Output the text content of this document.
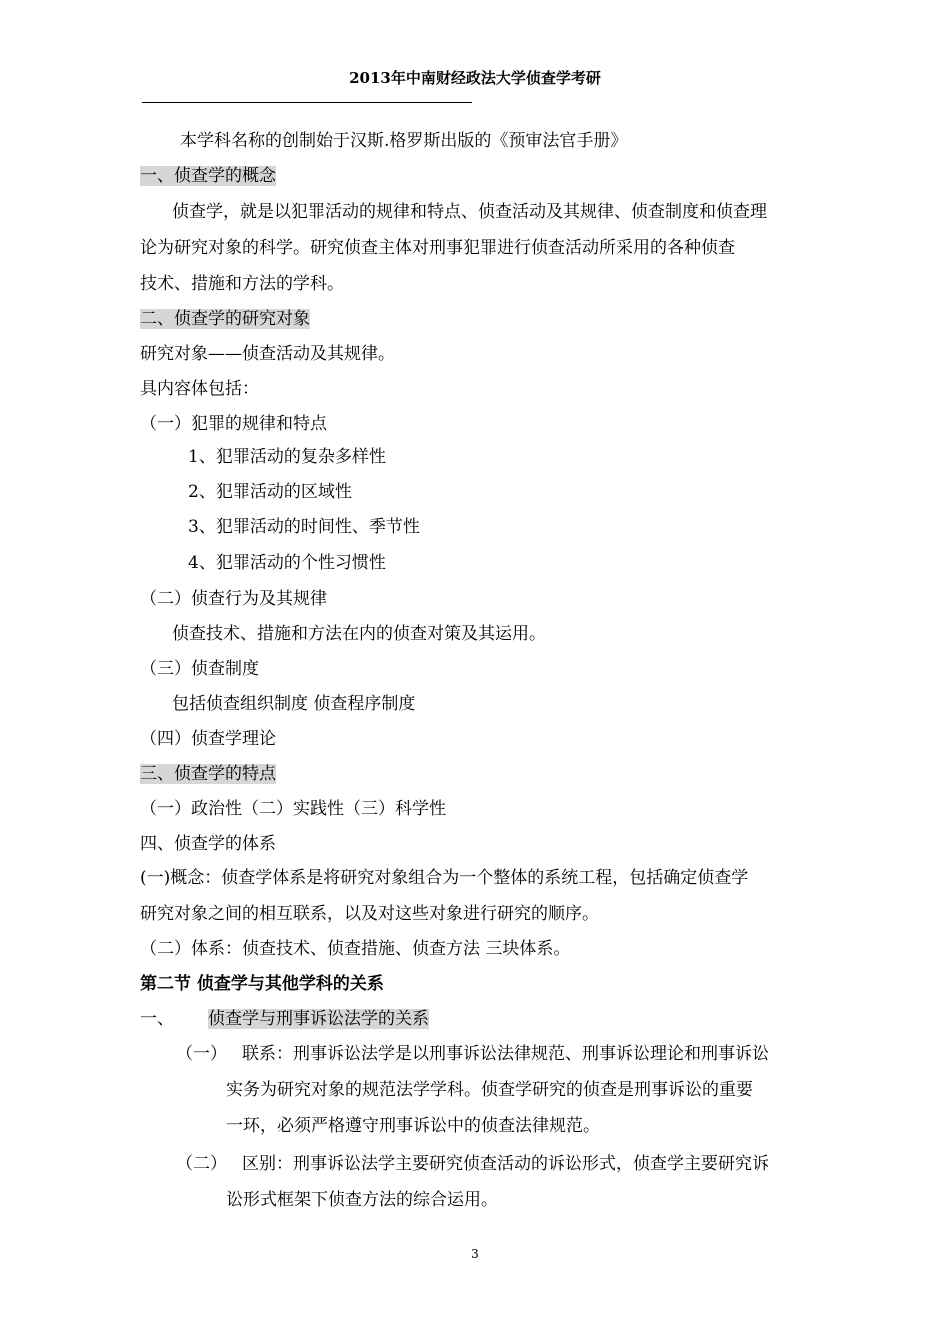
2013年中南财经政法大学侦查学考研
本学科名称的创制始于汉斯.格罗斯出版的《预审法官手册》
一、侦查学的概念
侦查学，就是以犯罪活动的规律和特点、侦查活动及其规律、侦查制度和侦查理
论为研究对象的科学。研究侦查主体对刑事犯罪进行侦查活动所采用的各种侦查
技术、措施和方法的学科。
二、侦查学的研究对象
研究对象——侦查活动及其规律。
具内容体包括：
（一）犯罪的规律和特点
1、犯罪活动的复杂多样性
2、犯罪活动的区域性
3、犯罪活动的时间性、季节性
4、犯罪活动的个性习惯性
（二）侦查行为及其规律
侦查技术、措施和方法在内的侦查对策及其运用。
（三）侦查制度
包括侦查组织制度 侦查程序制度
（四）侦查学理论
三、侦查学的特点
（一）政治性（二）实践性（三）科学性
四、侦查学的体系
(一)概念：侦查学体系是将研究对象组合为一个整体的系统工程，包括确定侦查学
研究对象之间的相互联系，以及对这些对象进行研究的顺序。
（二）体系：侦查技术、侦查措施、侦查方法 三块体系。
第二节 侦查学与其他学科的关系
一、 侦查学与刑事诉讼法学的关系
（一） 联系：刑事诉讼法学是以刑事诉讼法律规范、刑事诉讼理论和刑事诉讼
实务为研究对象的规范法学学科。侦查学研究的侦查是刑事诉讼的重要
一环，必须严格遵守刑事诉讼中的侦查法律规范。
（二） 区别：刑事诉讼法学主要研究侦查活动的诉讼形式，侦查学主要研究诉
讼形式框架下侦查方法的综合运用。
3
